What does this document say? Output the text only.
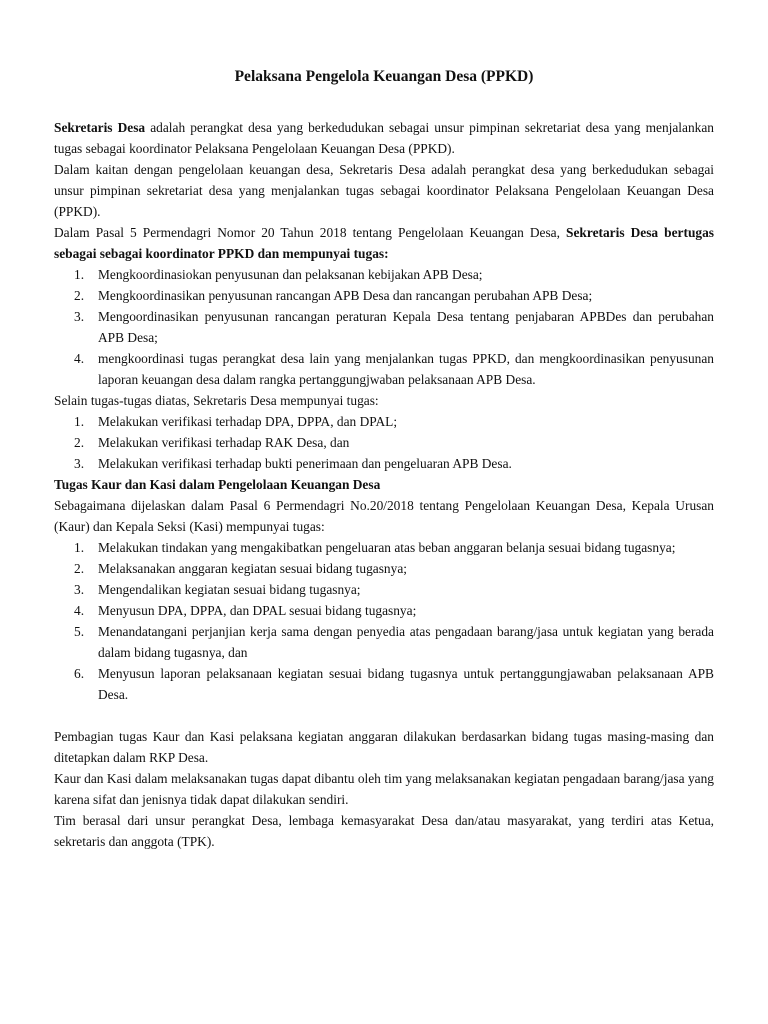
Pelaksana Pengelola Keuangan Desa (PPKD)

Sekretaris Desa adalah perangkat desa yang berkedudukan sebagai unsur pimpinan sekretariat desa yang menjalankan tugas sebagai koordinator Pelaksana Pengelolaan Keuangan Desa (PPKD).

Dalam kaitan dengan pengelolaan keuangan desa, Sekretaris Desa adalah perangkat desa yang berkedudukan sebagai unsur pimpinan sekretariat desa yang menjalankan tugas sebagai koordinator Pelaksana Pengelolaan Keuangan Desa (PPKD).

Dalam Pasal 5 Permendagri Nomor 20 Tahun 2018 tentang Pengelolaan Keuangan Desa, Sekretaris Desa bertugas sebagai sebagai koordinator PPKD dan mempunyai tugas:

1. Mengkoordinasiokan penyusunan dan pelaksanan kebijakan APB Desa;
2. Mengkoordinasikan penyusunan rancangan APB Desa dan rancangan perubahan APB Desa;
3. Mengoordinasikan penyusunan rancangan peraturan Kepala Desa tentang penjabaran APBDes dan perubahan APB Desa;
4. mengkoordinasi tugas perangkat desa lain yang menjalankan tugas PPKD, dan mengkoordinasikan penyusunan laporan keuangan desa dalam rangka pertanggungjwaban pelaksanaan APB Desa.

Selain tugas-tugas diatas, Sekretaris Desa mempunyai tugas:

1. Melakukan verifikasi terhadap DPA, DPPA, dan DPAL;
2. Melakukan verifikasi terhadap RAK Desa, dan
3. Melakukan verifikasi terhadap bukti penerimaan dan pengeluaran APB Desa.

Tugas Kaur dan Kasi dalam Pengelolaan Keuangan Desa

Sebagaimana dijelaskan dalam Pasal 6 Permendagri No.20/2018 tentang Pengelolaan Keuangan Desa, Kepala Urusan (Kaur) dan Kepala Seksi (Kasi) mempunyai tugas:

1. Melakukan tindakan yang mengakibatkan pengeluaran atas beban anggaran belanja sesuai bidang tugasnya;
2. Melaksanakan anggaran kegiatan sesuai bidang tugasnya;
3. Mengendalikan kegiatan sesuai bidang tugasnya;
4. Menyusun DPA, DPPA, dan DPAL sesuai bidang tugasnya;
5. Menandatangani perjanjian kerja sama dengan penyedia atas pengadaan barang/jasa untuk kegiatan yang berada dalam bidang tugasnya, dan
6. Menyusun laporan pelaksanaan kegiatan sesuai bidang tugasnya untuk pertanggungjawaban pelaksanaan APB Desa.

Pembagian tugas Kaur dan Kasi pelaksana kegiatan anggaran dilakukan berdasarkan bidang tugas masing-masing dan ditetapkan dalam RKP Desa.

Kaur dan Kasi dalam melaksanakan tugas dapat dibantu oleh tim yang melaksanakan kegiatan pengadaan barang/jasa yang karena sifat dan jenisnya tidak dapat dilakukan sendiri.

Tim berasal dari unsur perangkat Desa, lembaga kemasyarakat Desa dan/atau masyarakat, yang terdiri atas Ketua, sekretaris dan anggota (TPK).
